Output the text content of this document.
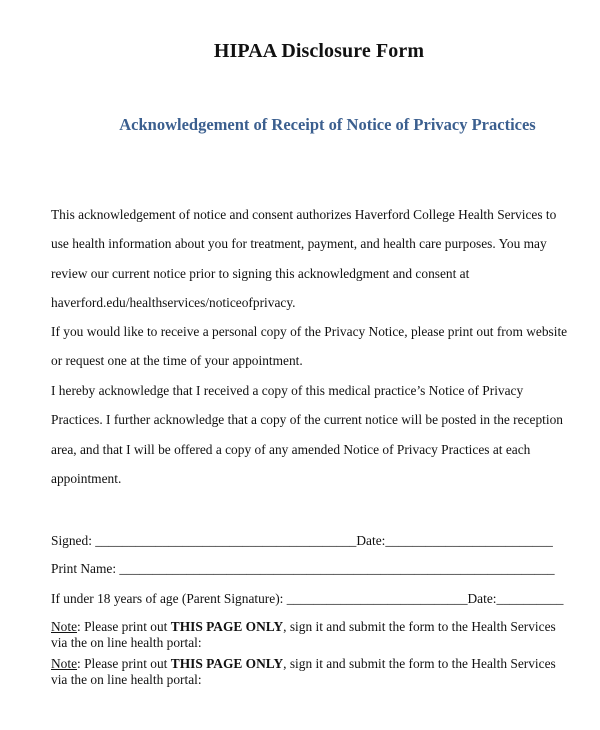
HIPAA Disclosure Form
Acknowledgement of Receipt of Notice of Privacy Practices
This acknowledgement of notice and consent authorizes Haverford College Health Services to
use health information about you for treatment, payment, and health care purposes. You may
review our current notice prior to signing this acknowledgment and consent at
haverford.edu/healthservices/noticeofprivacy.
If you would like to receive a personal copy of the Privacy Notice, please print out from website
or request one at the time of your appointment.
I hereby acknowledge that I received a copy of this medical practice’s Notice of Privacy
Practices. I further acknowledge that a copy of the current notice will be posted in the reception
area, and that I will be offered a copy of any amended Notice of Privacy Practices at each
appointment.
Signed: _______________________________________Date:_________________________
Print Name: _________________________________________________________________
If under 18 years of age (Parent Signature): ___________________________Date:__________
Note: Please print out THIS PAGE ONLY, sign it and submit the form to the Health Services
via the on line health portal:
Note: Please print out THIS PAGE ONLY, sign it and submit the form to the Health Services
via the on line health portal:
